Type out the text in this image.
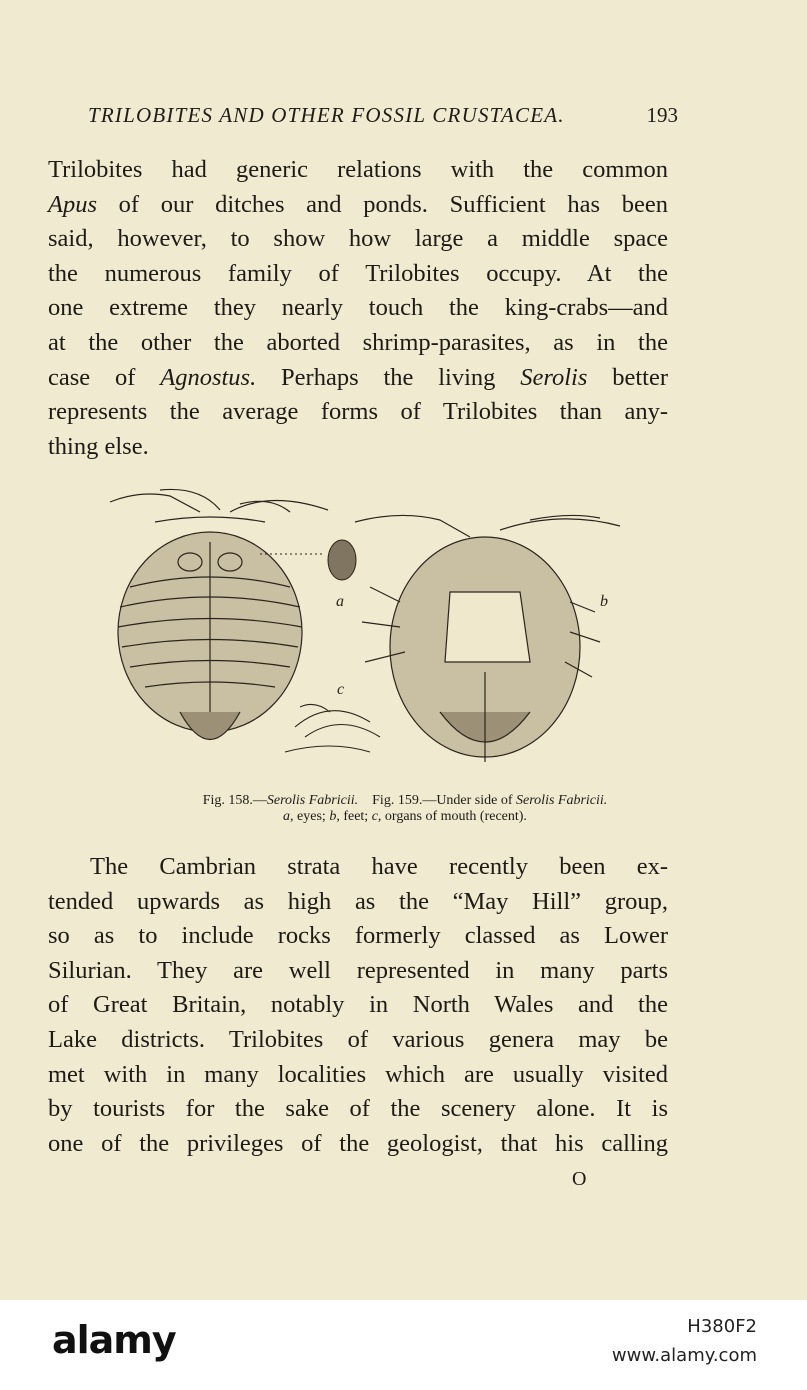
TRILOBITES AND OTHER FOSSIL CRUSTACEA.	193
Trilobites had generic relations with the common
Apus of our ditches and ponds. Sufficient has been
said, however, to show how large a middle space
the numerous family of Trilobites occupy. At the
one extreme they nearly touch the king-crabs—and
at the other the aborted shrimp-parasites, as in the
case of Agnostus. Perhaps the living Serolis better
represents the average forms of Trilobites than any-
thing else.
a	b
c
Fig. 158.—Serolis Fabricii. Fig. 159.—Under side of Serolis Fabricii.
a, eyes; b, feet; c, organs of mouth (recent).
The Cambrian strata have recently been ex-
tended upwards as high as the “May Hill” group,
so as to include rocks formerly classed as Lower
Silurian. They are well represented in many parts
of Great Britain, notably in North Wales and the
Lake districts. Trilobites of various genera may be
met with in many localities which are usually visited
by tourists for the sake of the scenery alone. It is
one of the privileges of the geologist, that his calling
O
alamy	H380F2
www.alamy.com
